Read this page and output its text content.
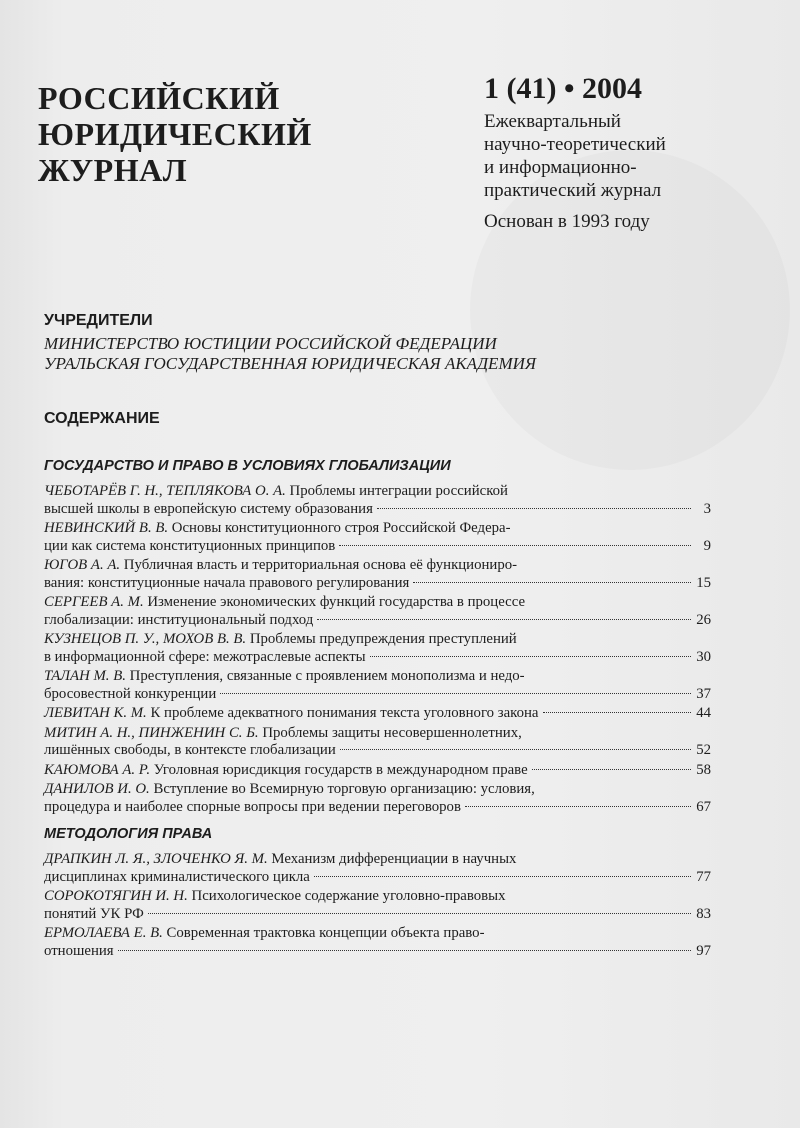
РОССИЙСКИЙ
ЮРИДИЧЕСКИЙ
ЖУРНАЛ
1 (41) • 2004
Ежеквартальный
научно-теоретический
и информационно-
практический журнал
Основан в 1993 году
УЧРЕДИТЕЛИ
МИНИСТЕРСТВО ЮСТИЦИИ РОССИЙСКОЙ ФЕДЕРАЦИИ
УРАЛЬСКАЯ ГОСУДАРСТВЕННАЯ ЮРИДИЧЕСКАЯ АКАДЕМИЯ
СОДЕРЖАНИЕ
ГОСУДАРСТВО И ПРАВО В УСЛОВИЯХ ГЛОБАЛИЗАЦИИ
ЧЕБОТАРЁВ Г. Н., ТЕПЛЯКОВА О. А. Проблемы интеграции российской
высшей школы в европейскую систему образования	3
НЕВИНСКИЙ В. В. Основы конституционного строя Российской Федера-
ции как система конституционных принципов	9
ЮГОВ А. А. Публичная власть и территориальная основа её функциониро-
вания: конституционные начала правового регулирования	15
СЕРГЕЕВ А. М. Изменение экономических функций государства в процессе
глобализации: институциональный подход	26
КУЗНЕЦОВ П. У., МОХОВ В. В. Проблемы предупреждения преступлений
в информационной сфере: межотраслевые аспекты	30
ТАЛАН М. В. Преступления, связанные с проявлением монополизма и недо-
бросовестной конкуренции	37
ЛЕВИТАН К. М. К проблеме адекватного понимания текста уголовного закона	44
МИТИН А. Н., ПИНЖЕНИН С. Б. Проблемы защиты несовершеннолетних,
лишённых свободы, в контексте глобализации	52
КАЮМОВА А. Р. Уголовная юрисдикция государств в международном праве	58
ДАНИЛОВ И. О. Вступление во Всемирную торговую организацию: условия,
процедура и наиболее спорные вопросы при ведении переговоров	67
МЕТОДОЛОГИЯ ПРАВА
ДРАПКИН Л. Я., ЗЛОЧЕНКО Я. М. Механизм дифференциации в научных
дисциплинах криминалистического цикла	77
СОРОКОТЯГИН И. Н. Психологическое содержание уголовно-правовых
понятий УК РФ	83
ЕРМОЛАЕВА Е. В. Современная трактовка концепции объекта право-
отношения	97
